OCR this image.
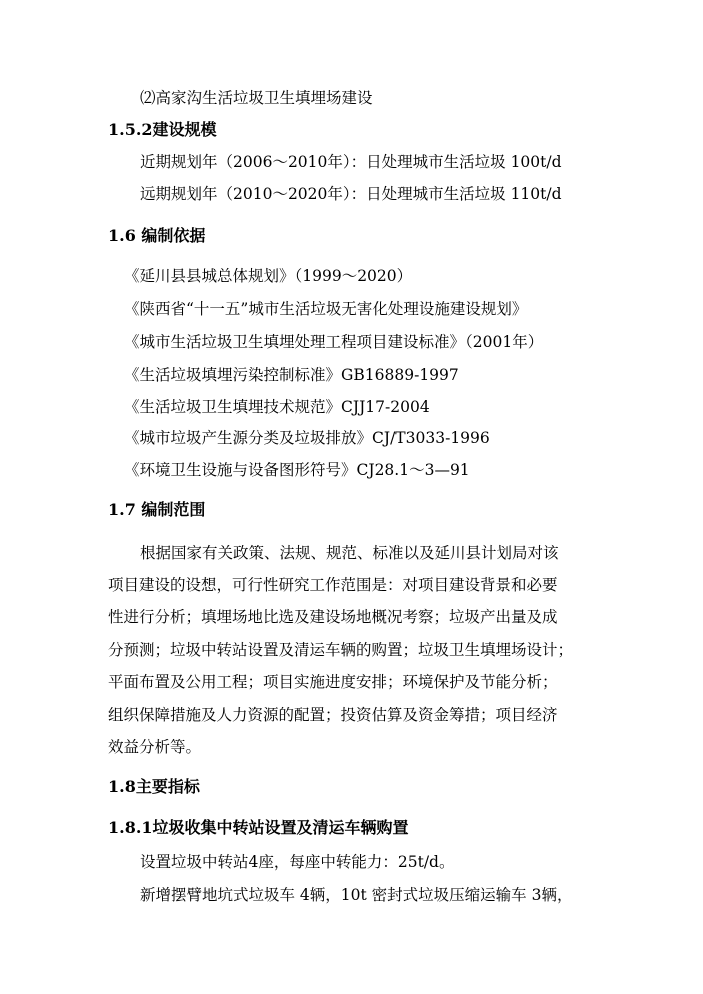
⑵高家沟生活垃圾卫生填埋场建设
1.5.2建设规模
近期规划年（2006～2010年）：日处理城市生活垃圾 100t/d
远期规划年（2010～2020年）：日处理城市生活垃圾 110t/d
1.6 编制依据
《延川县县城总体规划》（1999～2020）
《陕西省“十一五”城市生活垃圾无害化处理设施建设规划》
《城市生活垃圾卫生填埋处理工程项目建设标准》（2001年）
《生活垃圾填埋污染控制标准》GB16889-1997
《生活垃圾卫生填埋技术规范》CJJ17-2004
《城市垃圾产生源分类及垃圾排放》CJ/T3033-1996
《环境卫生设施与设备图形符号》CJ28.1～3—91
1.7 编制范围
根据国家有关政策、法规、规范、标准以及延川县计划局对该
项目建设的设想，可行性研究工作范围是：对项目建设背景和必要
性进行分析；填埋场地比选及建设场地概况考察；垃圾产出量及成
分预测；垃圾中转站设置及清运车辆的购置；垃圾卫生填埋场设计；
平面布置及公用工程；项目实施进度安排；环境保护及节能分析；
组织保障措施及人力资源的配置；投资估算及资金筹措；项目经济
效益分析等。
1.8主要指标
1.8.1垃圾收集中转站设置及清运车辆购置
设置垃圾中转站4座，每座中转能力：25t/d。
新增摆臂地坑式垃圾车 4辆，10t 密封式垃圾压缩运输车 3辆，
